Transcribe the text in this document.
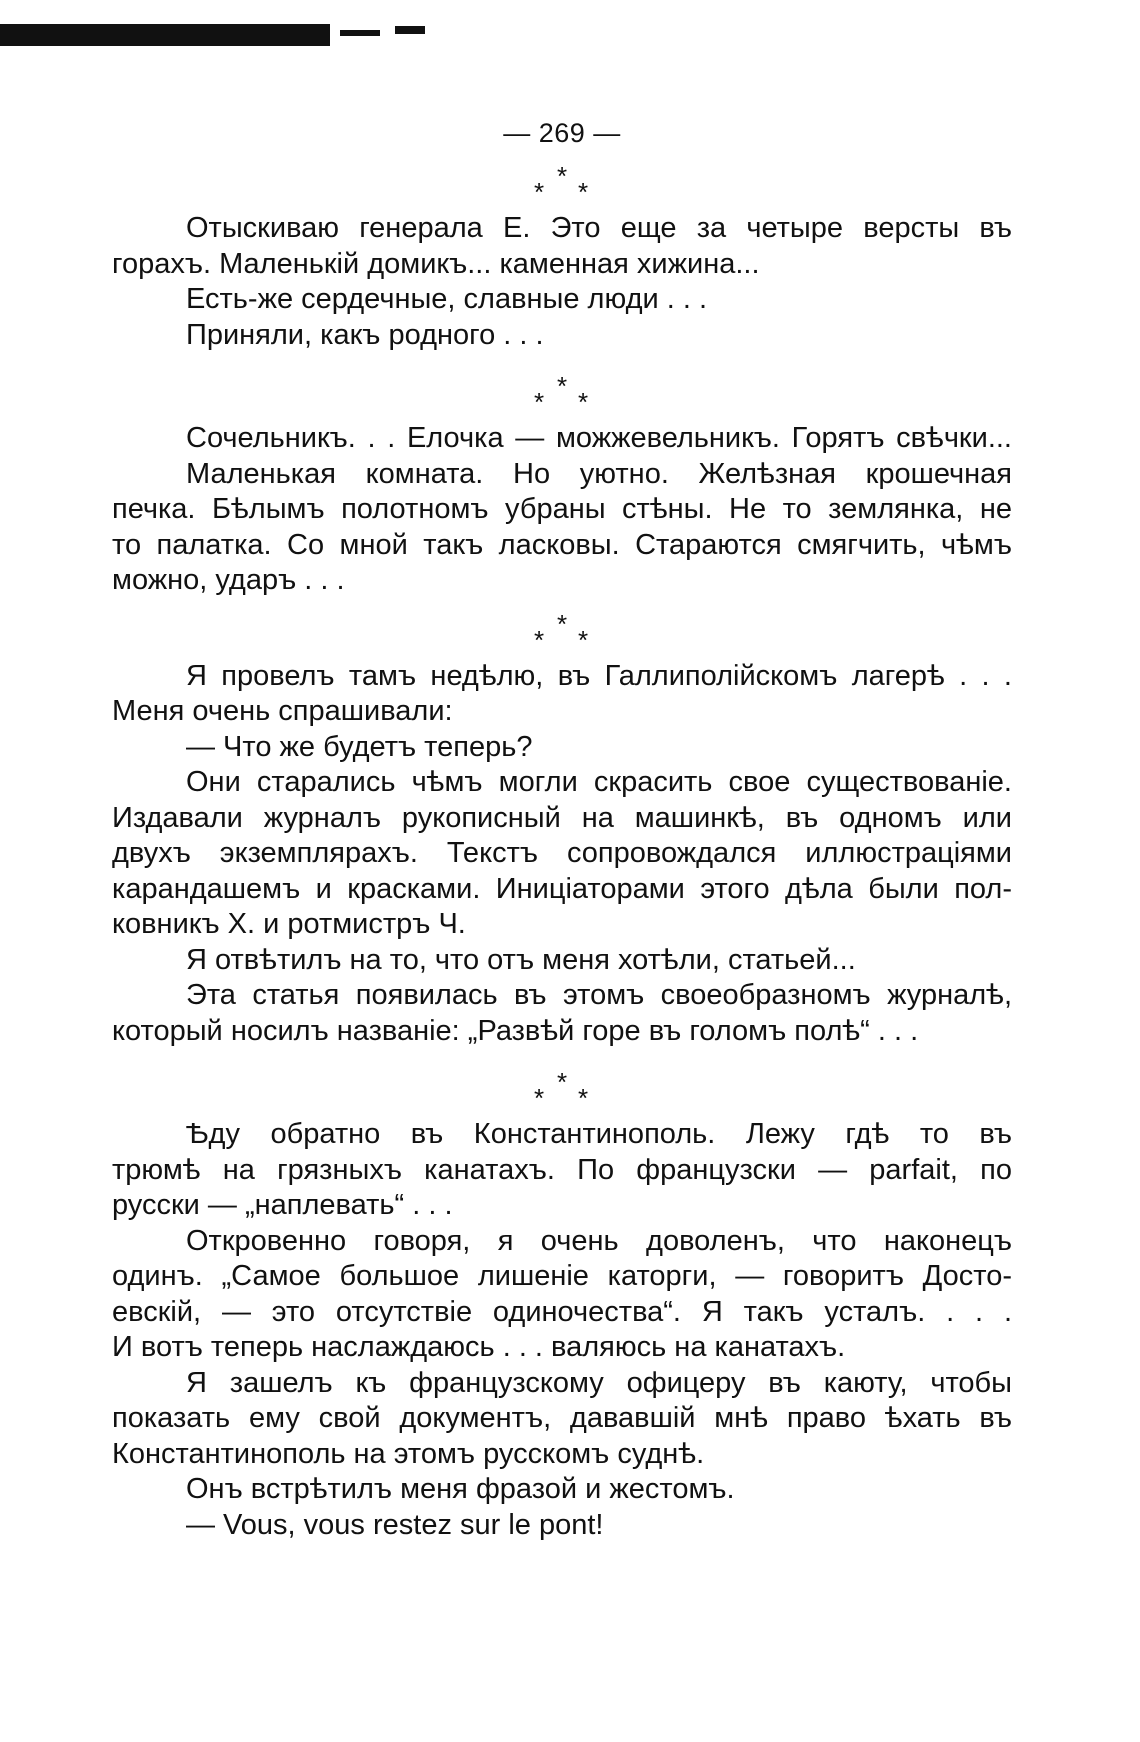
— 269 —
*
* *
Отыскиваю генерала Е. Это еще за четыре версты въ
горахъ. Маленькій домикъ... каменная хижина...
Есть-же сердечные, славные люди . . .
Приняли, какъ родного . . .
*
* *
Сочельникъ. . . Елочка — можжевельникъ. Горятъ свѣчки...
Маленькая комната. Но уютно. Желѣзная крошечная
печка. Бѣлымъ полотномъ убраны стѣны. Не то землянка, не
то палатка. Со мной такъ ласковы. Стараются смягчить, чѣмъ
можно, ударъ . . .
*
* *
Я провелъ тамъ недѣлю, въ Галлиполійскомъ лагерѣ . . .
Меня очень спрашивали:
— Что же будетъ теперь?
Они старались чѣмъ могли скрасить свое существованіе.
Издавали журналъ рукописный на машинкѣ, въ одномъ или
двухъ экземплярахъ. Текстъ сопровождался иллюстраціями
карандашемъ и красками. Иниціаторами этого дѣла были пол-
ковникъ Х. и ротмистръ Ч.
Я отвѣтилъ на то, что отъ меня хотѣли, статьей...
Эта статья появилась въ этомъ своеобразномъ журналѣ,
который носилъ названіе: „Развѣй горе въ голомъ полѣ“ . . .
*
* *
Ѣду обратно въ Константинополь. Лежу гдѣ то въ
трюмѣ на грязныхъ канатахъ. По французски — parfait, по
русски — „наплевать“ . . .
Откровенно говоря, я очень доволенъ, что наконецъ
одинъ. „Самое большое лишеніе каторги, — говоритъ Досто-
евскій, — это отсутствіе одиночества“. Я такъ усталъ. . . .
И вотъ теперь наслаждаюсь . . . валяюсь на канатахъ.
Я зашелъ къ французскому офицеру въ каюту, чтобы
показать ему свой документъ, дававшій мнѣ право ѣхать въ
Константинополь на этомъ русскомъ суднѣ.
Онъ встрѣтилъ меня фразой и жестомъ.
— Vous, vous restez sur le pont!
